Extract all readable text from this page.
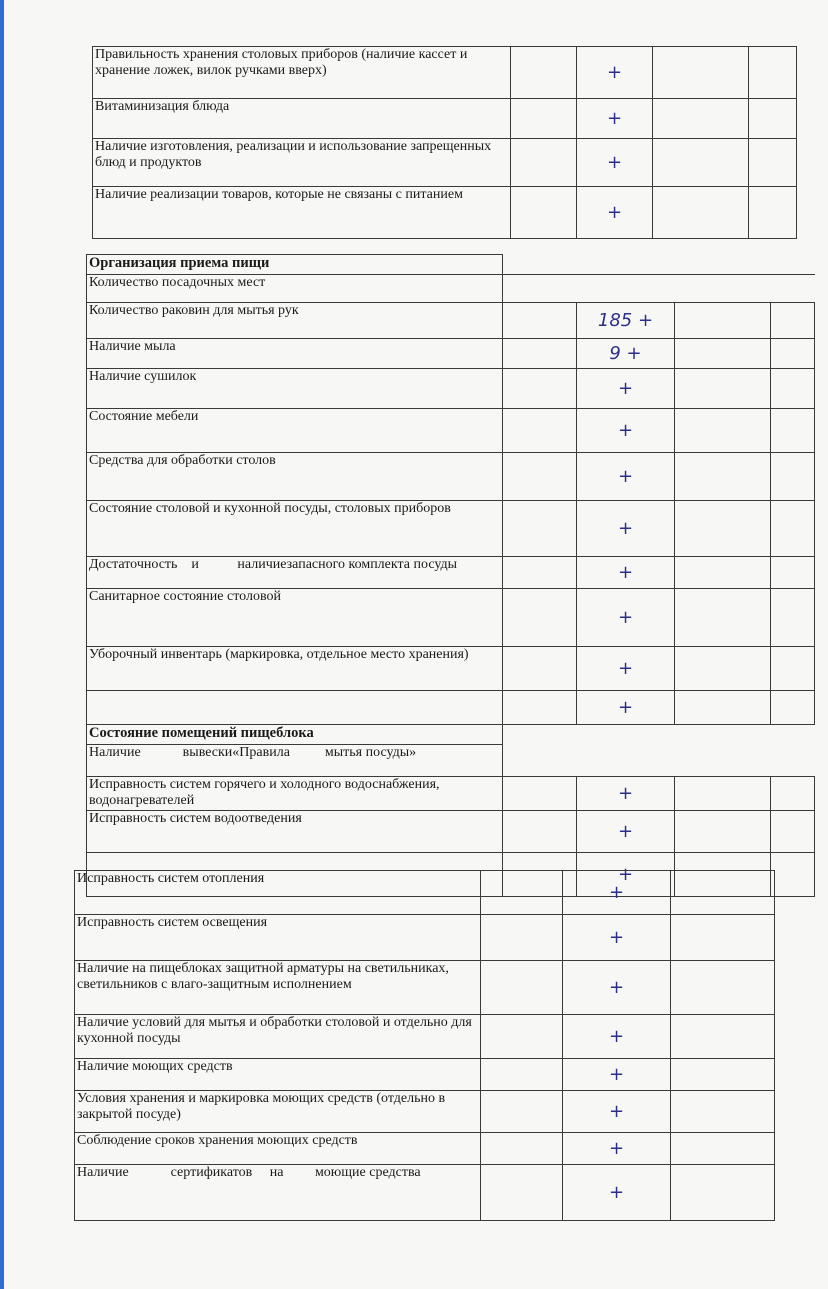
Правильность хранения столовых приборов (наличие кассет и хранение ложек, вилок ручками вверх)		+		
Витаминизация блюда		+		
Наличие изготовления, реализации и использование запрещенных блюд и продуктов		+		
Наличие реализации товаров, которые не связаны с питанием		+		
Организация приема пищи				
Количество посадочных мест				
Количество раковин для мытья рук		185 +		
Наличие мыла		9 +		
Наличие сушилок		+		
Состояние мебели		+		
Средства для обработки столов		+		
Состояние столовой и кухонной посуды, столовых приборов		+		
Достаточность    и           наличиезапасного комплекта посуды		+		
Санитарное состояние столовой		+		
Уборочный инвентарь (маркировка, отдельное место хранения)		+		
		+		
Состояние помещений пищеблока				
Наличие            вывески«Правила          мытья посуды»				
Исправность систем горячего и холодного водоснабжения, водонагревателей		+		
Исправность систем водоотведения		+		
		+		
Исправность систем отопления		+	
Исправность систем освещения		+	
Наличие на пищеблоках защитной арматуры на светильниках, светильников с влаго-защитным исполнением		+	
Наличие условий для мытья и обработки столовой и отдельно для кухонной посуды		+	
Наличие моющих средств		+	
Условия хранения и маркировка моющих средств (отдельно в закрытой посуде)		+	
Соблюдение сроков хранения моющих средств		+	
Наличие            сертификатов     на         моющие средства		+	
